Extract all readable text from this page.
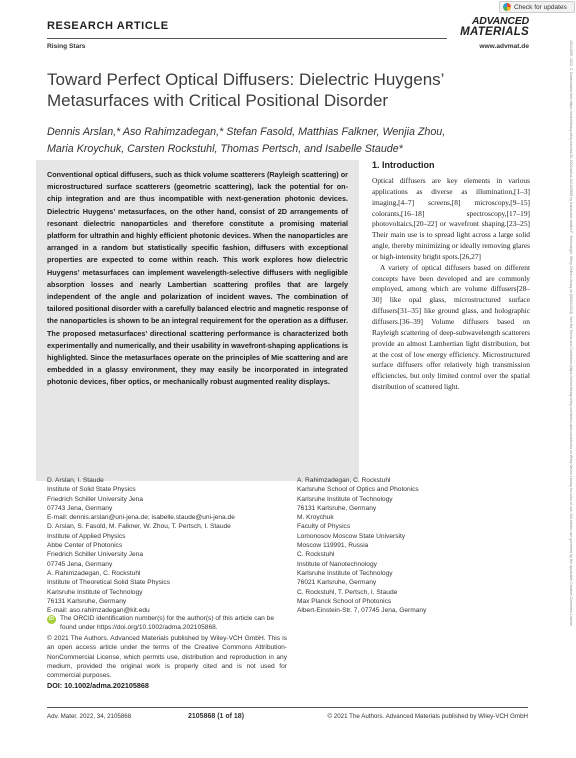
15214095, 2022, 3, Downloaded from https://onlinelibrary.wiley.com/doi/10.1002/adma.202105868 by Karlsruher Institut F. Technologie, Wiley Online Library on [06/02/2023]. See the Terms and Conditions (https://onlinelibrary.wiley.com/terms-and-conditions) on Wiley Online Library for rules of use; OA articles are governed by the applicable Creative Commons License
Check for updates
RESEARCH ARTICLE
Rising Stars
ADVANCED
MATERIALS
www.advmat.de
Toward Perfect Optical Diffusers: Dielectric Huygens’
Metasurfaces with Critical Positional Disorder
Dennis Arslan,* Aso Rahimzadegan,* Stefan Fasold, Matthias Falkner, Wenjia Zhou,
Maria Kroychuk, Carsten Rockstuhl, Thomas Pertsch, and Isabelle Staude*

Conventional optical diffusers, such as thick volume scatterers (Rayleigh scattering) or microstructured surface scatterers (geometric scattering), lack the potential for on-chip integration and are thus incompatible with next-generation photonic devices. Dielectric Huygens’ metasurfaces, on the other hand, consist of 2D arrangements of resonant dielectric nanoparticles and therefore constitute a promising material platform for ultrathin and highly efficient photonic devices. When the nanoparticles are arranged in a random but statistically specific fashion, diffusers with exceptional properties are expected to come within reach. This work explores how dielectric Huygens’ metasurfaces can implement wavelength-selective diffusers with negligible absorption losses and nearly Lambertian scattering profiles that are largely independent of the angle and polarization of incident waves. The combination of tailored positional disorder with a carefully balanced electric and magnetic response of the nanoparticles is shown to be an integral requirement for the operation as a diffuser. The proposed metasurfaces’ directional scattering performance is characterized both experimentally and numerically, and their usability in wavefront-shaping applications is highlighted. Since the metasurfaces operate on the principles of Mie scattering and are embedded in a glassy environment, they may easily be incorporated in integrated photonic devices, fiber optics, or mechanically robust augmented reality displays.

1. Introduction

Optical diffusers are key elements in various applications as diverse as illumination,[1–3] imaging,[4–7] screens,[8] microscopy,[9–15] colorants,[16–18] spectroscopy,[17–19] photovoltaics,[20–22] or wavefront shaping.[23–25] Their main use is to spread light across a large solid angle, thereby minimizing or ideally removing glares or high-intensity bright spots.[26,27]

A variety of optical diffusers based on different concepts have been developed and are commonly employed, among which are volume diffusers[28–30] like opal glass, microstructured surface diffusers[31–35] like ground glass, and holographic diffusers.[36–39] Volume diffusers based on Rayleigh scattering of deep-subwavelength scatterers provide an almost Lambertian light distribution, but at the cost of low energy efficiency. Microstructured surface diffusers offer relatively high transmission efficiencies, but only limited control over the spatial distribution of scattered light.

D. Arslan, I. Staude
Institute of Solid State Physics
Friedrich Schiller University Jena
07743 Jena, Germany
E-mail: dennis.arslan@uni-jena.de; isabelle.staude@uni-jena.de
D. Arslan, S. Fasold, M. Falkner, W. Zhou, T. Pertsch, I. Staude
Institute of Applied Physics
Abbe Center of Photonics
Friedrich Schiller University Jena
07745 Jena, Germany
A. Rahimzadegan, C. Rockstuhl
Institute of Theoretical Solid State Physics
Karlsruhe Institute of Technology
76131 Karlsruhe, Germany
E-mail: aso.rahimzadegan@kit.edu
A. Rahimzadegan, C. Rockstuhl
Karlsruhe School of Optics and Photonics
Karlsruhe Institute of Technology
76131 Karlsruhe, Germany
M. Kroychuk
Faculty of Physics
Lomonosov Moscow State University
Moscow 119991, Russia
C. Rockstuhl
Institute of Nanotechnology
Karlsruhe Institute of Technology
76021 Karlsruhe, Germany
C. Rockstuhl, T. Pertsch, I. Staude
Max Planck School of Photonics
Albert-Einstein-Str. 7, 07745 Jena, Germany
iD The ORCID identification number(s) for the author(s) of this article can be found under https://doi.org/10.1002/adma.202105868.
© 2021 The Authors. Advanced Materials published by Wiley-VCH GmbH. This is an open access article under the terms of the Creative Commons Attribution-NonCommercial License, which permits use, distribution and reproduction in any medium, provided the original work is properly cited and is not used for commercial purposes.
DOI: 10.1002/adma.202105868
Adv. Mater. 2022, 34, 2105868	2105868 (1 of 18)	© 2021 The Authors. Advanced Materials published by Wiley-VCH GmbH
